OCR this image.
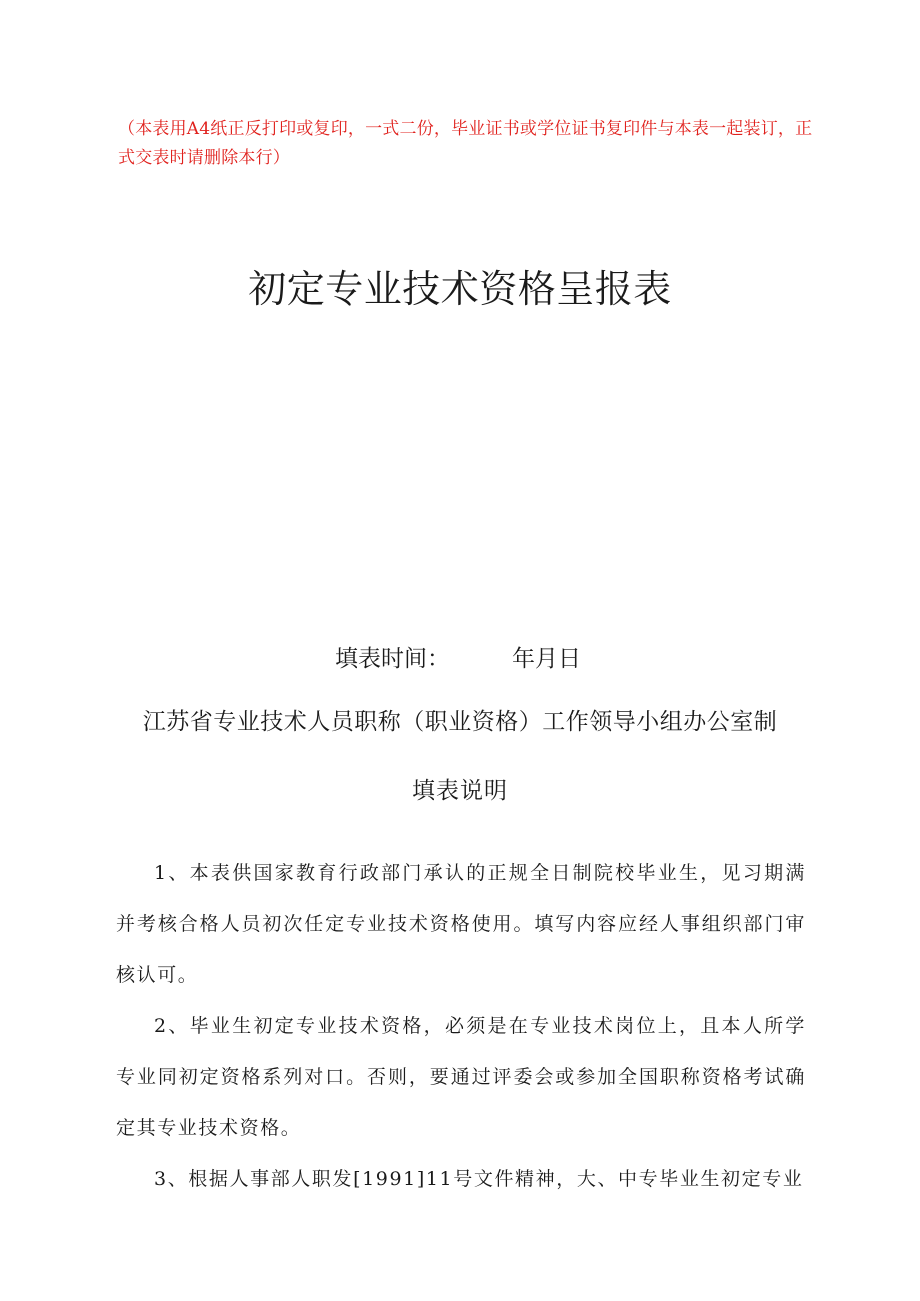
（本表用A4纸正反打印或复印，一式二份，毕业证书或学位证书复印件与本表一起装订，正式交表时请删除本行）
初定专业技术资格呈报表
填表时间：	年月日
江苏省专业技术人员职称（职业资格）工作领导小组办公室制
填表说明

1、本表供国家教育行政部门承认的正规全日制院校毕业生，见习期满并考核合格人员初次任定专业技术资格使用。填写内容应经人事组织部门审核认可。

2、毕业生初定专业技术资格，必须是在专业技术岗位上，且本人所学专业同初定资格系列对口。否则，要通过评委会或参加全国职称资格考试确定其专业技术资格。

3、根据人事部人职发[1991]11号文件精神，大、中专毕业生初定专业
